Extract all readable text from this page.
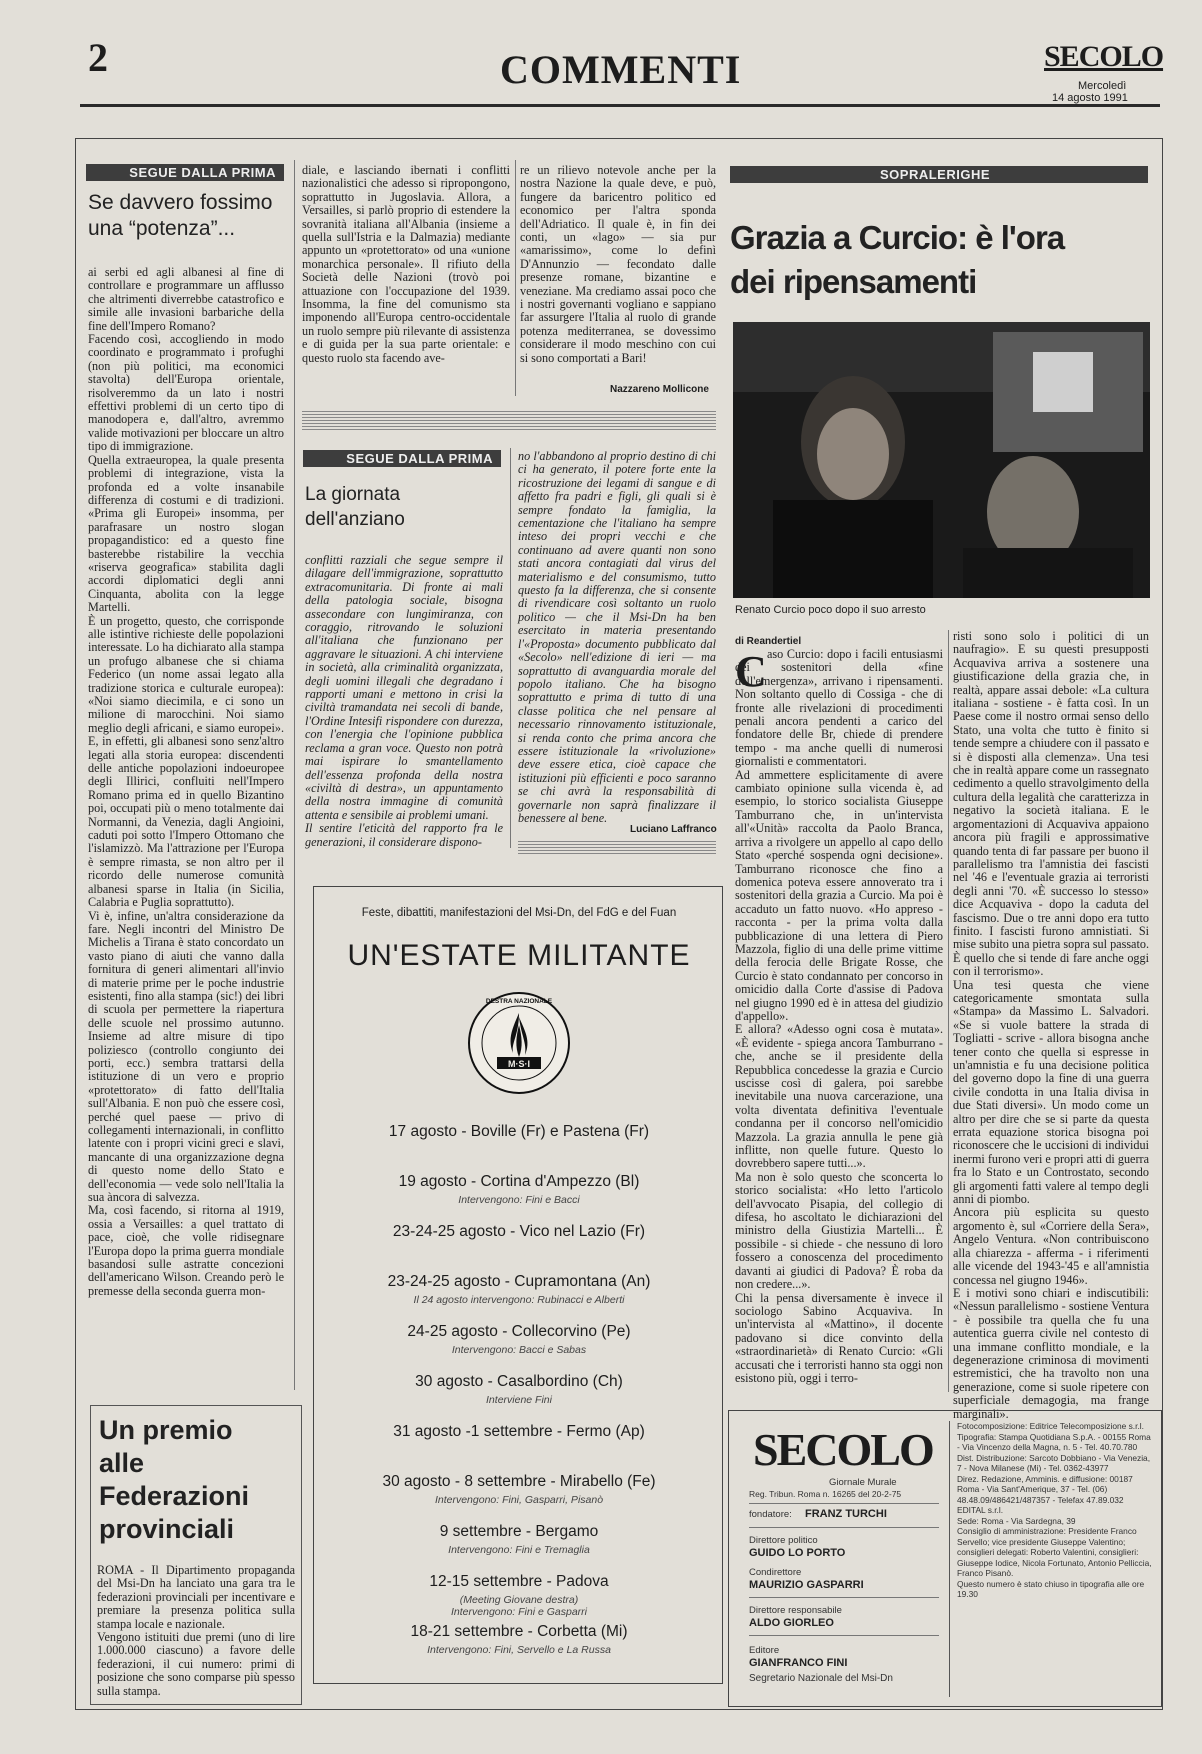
2	COMMENTI	SECOLO
Mercoledì
14 agosto 1991
SEGUE DALLA PRIMA
Se davvero fossimo
una “potenza”...
ai serbi ed agli albanesi al fine di controllare e programmare un afflusso che altrimenti diverrebbe catastrofico e simile alle invasioni barbariche della fine dell'Impero Romano?
Facendo così, accogliendo in modo coordinato e programmato i profughi (non più politici, ma economici stavolta) dell'Europa orientale, risolveremmo da un lato i nostri effettivi problemi di un certo tipo di manodopera e, dall'altro, avremmo valide motivazioni per bloccare un altro tipo di immigrazione.
Quella extraeuropea, la quale presenta problemi di integrazione, vista la profonda ed a volte insanabile differenza di costumi e di tradizioni. «Prima gli Europei» insomma, per parafrasare un nostro slogan propagandistico: ed a questo fine basterebbe ristabilire la vecchia «riserva geografica» stabilita dagli accordi diplomatici degli anni Cinquanta, abolita con la legge Martelli.
È un progetto, questo, che corrisponde alle istintive richieste delle popolazioni interessate. Lo ha dichiarato alla stampa un profugo albanese che si chiama Federico (un nome assai legato alla tradizione storica e culturale europea): «Noi siamo diecimila, e ci sono un milione di marocchini. Noi siamo meglio degli africani, e siamo europei». E, in effetti, gli albanesi sono senz'altro legati alla storia europea: discendenti delle antiche popolazioni indoeuropee degli Illirici, confluiti nell'Impero Romano prima ed in quello Bizantino poi, occupati più o meno totalmente dai Normanni, da Venezia, dagli Angioini, caduti poi sotto l'Impero Ottomano che l'islamizzò. Ma l'attrazione per l'Europa è sempre rimasta, se non altro per il ricordo delle numerose comunità albanesi sparse in Italia (in Sicilia, Calabria e Puglia soprattutto).
Vi è, infine, un'altra considerazione da fare. Negli incontri del Ministro De Michelis a Tirana è stato concordato un vasto piano di aiuti che vanno dalla fornitura di generi alimentari all'invio di materie prime per le poche industrie esistenti, fino alla stampa (sic!) dei libri di scuola per permettere la riapertura delle scuole nel prossimo autunno. Insieme ad altre misure di tipo poliziesco (controllo congiunto dei porti, ecc.) sembra trattarsi della istituzione di un vero e proprio «protettorato» di fatto dell'Italia sull'Albania. E non può che essere così, perché quel paese — privo di collegamenti internazionali, in conflitto latente con i propri vicini greci e slavi, mancante di una organizzazione degna di questo nome dello Stato e dell'economia — vede solo nell'Italia la sua àncora di salvezza.
Ma, così facendo, si ritorna al 1919, ossia a Versailles: a quel trattato di pace, cioè, che volle ridisegnare l'Europa dopo la prima guerra mondiale basandosi sulle astratte concezioni dell'americano Wilson. Creando però le premesse della seconda guerra mon-
diale, e lasciando ibernati i conflitti nazionalistici che adesso si ripropongono, soprattutto in Jugoslavia. Allora, a Versailles, si parlò proprio di estendere la sovranità italiana all'Albania (insieme a quella sull'Istria e la Dalmazia) mediante appunto un «protettorato» od una «unione monarchica personale». Il rifiuto della Società delle Nazioni (trovò poi attuazione con l'occupazione del 1939. Insomma, la fine del comunismo sta imponendo all'Europa centro-occidentale un ruolo sempre più rilevante di assistenza e di guida per la sua parte orientale: e questo ruolo sta facendo ave-
re un rilievo notevole anche per la nostra Nazione la quale deve, e può, fungere da baricentro politico ed economico per l'altra sponda dell'Adriatico. Il quale è, in fin dei conti, un «lago» — sia pur «amarissimo», come lo definì D'Annunzio — fecondato dalle presenze romane, bizantine e veneziane. Ma crediamo assai poco che i nostri governanti vogliano e sappiano far assurgere l'Italia al ruolo di grande potenza mediterranea, se dovessimo considerare il modo meschino con cui si sono comportati a Bari!
Nazzareno Mollicone
SEGUE DALLA PRIMA
La giornata
dell'anziano
conflitti razziali che segue sempre il dilagare dell'immigrazione, soprattutto extracomunitaria. Di fronte ai mali della patologia sociale, bisogna assecondare con lungimiranza, con coraggio, ritrovando le soluzioni all'italiana che funzionano per aggravare le situazioni. A chi interviene in società, alla criminalità organizzata, degli uomini illegali che degradano i rapporti umani e mettono in crisi la civiltà tramandata nei secoli di bande, l'Ordine Intesifi rispondere con durezza, con l'energia che l'opinione pubblica reclama a gran voce. Questo non potrà mai ispirare lo smantellamento dell'essenza profonda della nostra «civiltà di destra», un appuntamento della nostra immagine di comunità attenta e sensibile ai problemi umani.
Il sentire l'eticità del rapporto fra le generazioni, il considerare dispono-
no l'abbandono al proprio destino di chi ci ha generato, il potere forte ente la ricostruzione dei legami di sangue e di affetto fra padri e figli, gli quali si è sempre fondato la famiglia, la cementazione che l'italiano ha sempre inteso dei propri vecchi e che continuano ad avere quanti non sono stati ancora contagiati dal virus del materialismo e del consumismo, tutto questo fa la differenza, che si consente di rivendicare così soltanto un ruolo politico — che il Msi-Dn ha ben esercitato in materia presentando l'«Proposta» documento pubblicato dal «Secolo» nell'edizione di ieri — ma soprattutto di avanguardia morale del popolo italiano. Che ha bisogno soprattutto e prima di tutto di una classe politica che nel pensare al necessario rinnovamento istituzionale, si renda conto che prima ancora che essere istituzionale la «rivoluzione» deve essere etica, cioè capace che istituzioni più efficienti e poco saranno se chi avrà la responsabilità di governarle non saprà finalizzare il benessere al bene.
Luciano Laffranco
Feste, dibattiti, manifestazioni del Msi-Dn, del FdG e del Fuan
UN'ESTATE MILITANTE
M·S·I
DESTRA NAZIONALE
17 agosto - Boville (Fr) e Pastena (Fr)
19 agosto - Cortina d'Ampezzo (Bl)
Intervengono: Fini e Bacci
23-24-25 agosto - Vico nel Lazio (Fr)
23-24-25 agosto - Cupramontana (An)
Il 24 agosto intervengono: Rubinacci e Alberti
24-25 agosto - Collecorvino (Pe)
Intervengono: Bacci e Sabas
30 agosto - Casalbordino (Ch)
Interviene Fini
31 agosto -1 settembre - Fermo (Ap)
30 agosto - 8 settembre - Mirabello (Fe)
Intervengono: Fini, Gasparri, Pisanò
9 settembre - Bergamo
Intervengono: Fini e Tremaglia
12-15 settembre - Padova
(Meeting Giovane destra)
Intervengono: Fini e Gasparri
18-21 settembre - Corbetta (Mi)
Intervengono: Fini, Servello e La Russa
SOPRALERIGHE
Grazia a Curcio: è l'ora
dei ripensamenti
Renato Curcio poco dopo il suo arresto
di Reandertiel
C aso Curcio: dopo i facili entusiasmi dei sostenitori della «fine dell'emergenza», arrivano i ripensamenti. Non soltanto quello di Cossiga - che di fronte alle rivelazioni di procedimenti penali ancora pendenti a carico del fondatore delle Br, chiede di prendere tempo - ma anche quelli di numerosi giornalisti e commentatori.
Ad ammettere esplicitamente di avere cambiato opinione sulla vicenda è, ad esempio, lo storico socialista Giuseppe Tamburrano che, in un'intervista all'«Unità» raccolta da Paolo Branca, arriva a rivolgere un appello al capo dello Stato «perché sospenda ogni decisione». Tamburrano riconosce che fino a domenica poteva essere annoverato tra i sostenitori della grazia a Curcio. Ma poi è accaduto un fatto nuovo. «Ho appreso - racconta - per la prima volta dalla pubblicazione di una lettera di Piero Mazzola, figlio di una delle prime vittime della ferocia delle Brigate Rosse, che Curcio è stato condannato per concorso in omicidio dalla Corte d'assise di Padova nel giugno 1990 ed è in attesa del giudizio d'appello».
E allora? «Adesso ogni cosa è mutata». «È evidente - spiega ancora Tamburrano - che, anche se il presidente della Repubblica concedesse la grazia e Curcio uscisse così di galera, poi sarebbe inevitabile una nuova carcerazione, una volta diventata definitiva l'eventuale condanna per il concorso nell'omicidio Mazzola. La grazia annulla le pene già inflitte, non quelle future. Questo lo dovrebbero sapere tutti...».
Ma non è solo questo che sconcerta lo storico socialista: «Ho letto l'articolo dell'avvocato Pisapia, del collegio di difesa, ho ascoltato le dichiarazioni del ministro della Giustizia Martelli... È possibile - si chiede - che nessuno di loro fossero a conoscenza del procedimento davanti ai giudici di Padova? È roba da non credere...».
Chi la pensa diversamente è invece il sociologo Sabino Acquaviva. In un'intervista al «Mattino», il docente padovano si dice convinto della «straordinarietà» di Renato Curcio: «Gli accusati che i terroristi hanno sta oggi non esistono più, oggi i terro-
risti sono solo i politici di un naufragio». E su questi presupposti Acquaviva arriva a sostenere una giustificazione della grazia che, in realtà, appare assai debole: «La cultura italiana - sostiene - è fatta così. In un Paese come il nostro ormai senso dello Stato, una volta che tutto è finito si tende sempre a chiudere con il passato e si è disposti alla clemenza». Una tesi che in realtà appare come un rassegnato cedimento a quello stravolgimento della cultura della legalità che caratterizza in negativo la società italiana. E le argomentazioni di Acquaviva appaiono ancora più fragili e approssimative quando tenta di far passare per buono il parallelismo tra l'amnistia dei fascisti nel '46 e l'eventuale grazia ai terroristi degli anni '70. «È successo lo stesso» dice Acquaviva - dopo la caduta del fascismo. Due o tre anni dopo era tutto finito. I fascisti furono amnistiati. Si mise subito una pietra sopra sul passato. È quello che si tende di fare anche oggi con il terrorismo».
Una tesi questa che viene categoricamente smontata sulla «Stampa» da Massimo L. Salvadori. «Se si vuole battere la strada di Togliatti - scrive - allora bisogna anche tener conto che quella si espresse in un'amnistia e fu una decisione politica del governo dopo la fine di una guerra civile condotta in una Italia divisa in due Stati diversi». Un modo come un altro per dire che se si parte da questa errata equazione storica bisogna poi riconoscere che le uccisioni di individui inermi furono veri e propri atti di guerra fra lo Stato e un Controstato, secondo gli argomenti fatti valere al tempo degli anni di piombo.
Ancora più esplicita su questo argomento è, sul «Corriere della Sera», Angelo Ventura. «Non contribuiscono alla chiarezza - afferma - i riferimenti alle vicende del 1943-'45 e all'amnistia concessa nel giugno 1946».
E i motivi sono chiari e indiscutibili: «Nessun parallelismo - sostiene Ventura - è possibile tra quella che fu una autentica guerra civile nel contesto di una immane conflitto mondiale, e la degenerazione criminosa di movimenti estremistici, che ha travolto non una generazione, come si suole ripetere con superficiale demagogia, ma frange marginali».
Un premio
alle
Federazioni
provinciali
ROMA - Il Dipartimento propaganda del Msi-Dn ha lanciato una gara tra le federazioni provinciali per incentivare e premiare la presenza politica sulla stampa locale e nazionale.
Vengono istituiti due premi (uno di lire 1.000.000 ciascuno) a favore delle federazioni, il cui numero: primi di posizione che sono comparse più spesso sulla stampa.
SECOLO
Giornale Murale
Reg. Tribun. Roma n. 16265 del 20-2-75
fondatore: FRANZ TURCHI
Direttore politico
GUIDO LO PORTO
Condirettore
MAURIZIO GASPARRI
Direttore responsabile
ALDO GIORLEO
Editore
GIANFRANCO FINI
Segretario Nazionale del Msi-Dn
Fotocomposizione: Editrice Telecomposizione s.r.l.
Tipografia: Stampa Quotidiana S.p.A. - 00155 Roma - Via Vincenzo della Magna, n. 5 - Tel. 40.70.780
Dist. Distribuzione: Sarcoto Dobbiano - Via Venezia, 7 - Nova Milanese (Mi) - Tel. 0362-43977
Direz. Redazione, Amminis. e diffusione: 00187 Roma - Via Sant'Amerique, 37 - Tel. (06) 48.48.09/486421/487357 - Telefax 47.89.032
EDITAL s.r.l.
Sede: Roma - Via Sardegna, 39
Consiglio di amministrazione: Presidente Franco Servello; vice presidente Giuseppe Valentino; consiglieri delegati: Roberto Valentini, consiglieri: Giuseppe Iodice, Nicola Fortunato, Antonio Pelliccia, Franco Pisanò.
Questo numero è stato chiuso in tipografia alle ore 19.30
